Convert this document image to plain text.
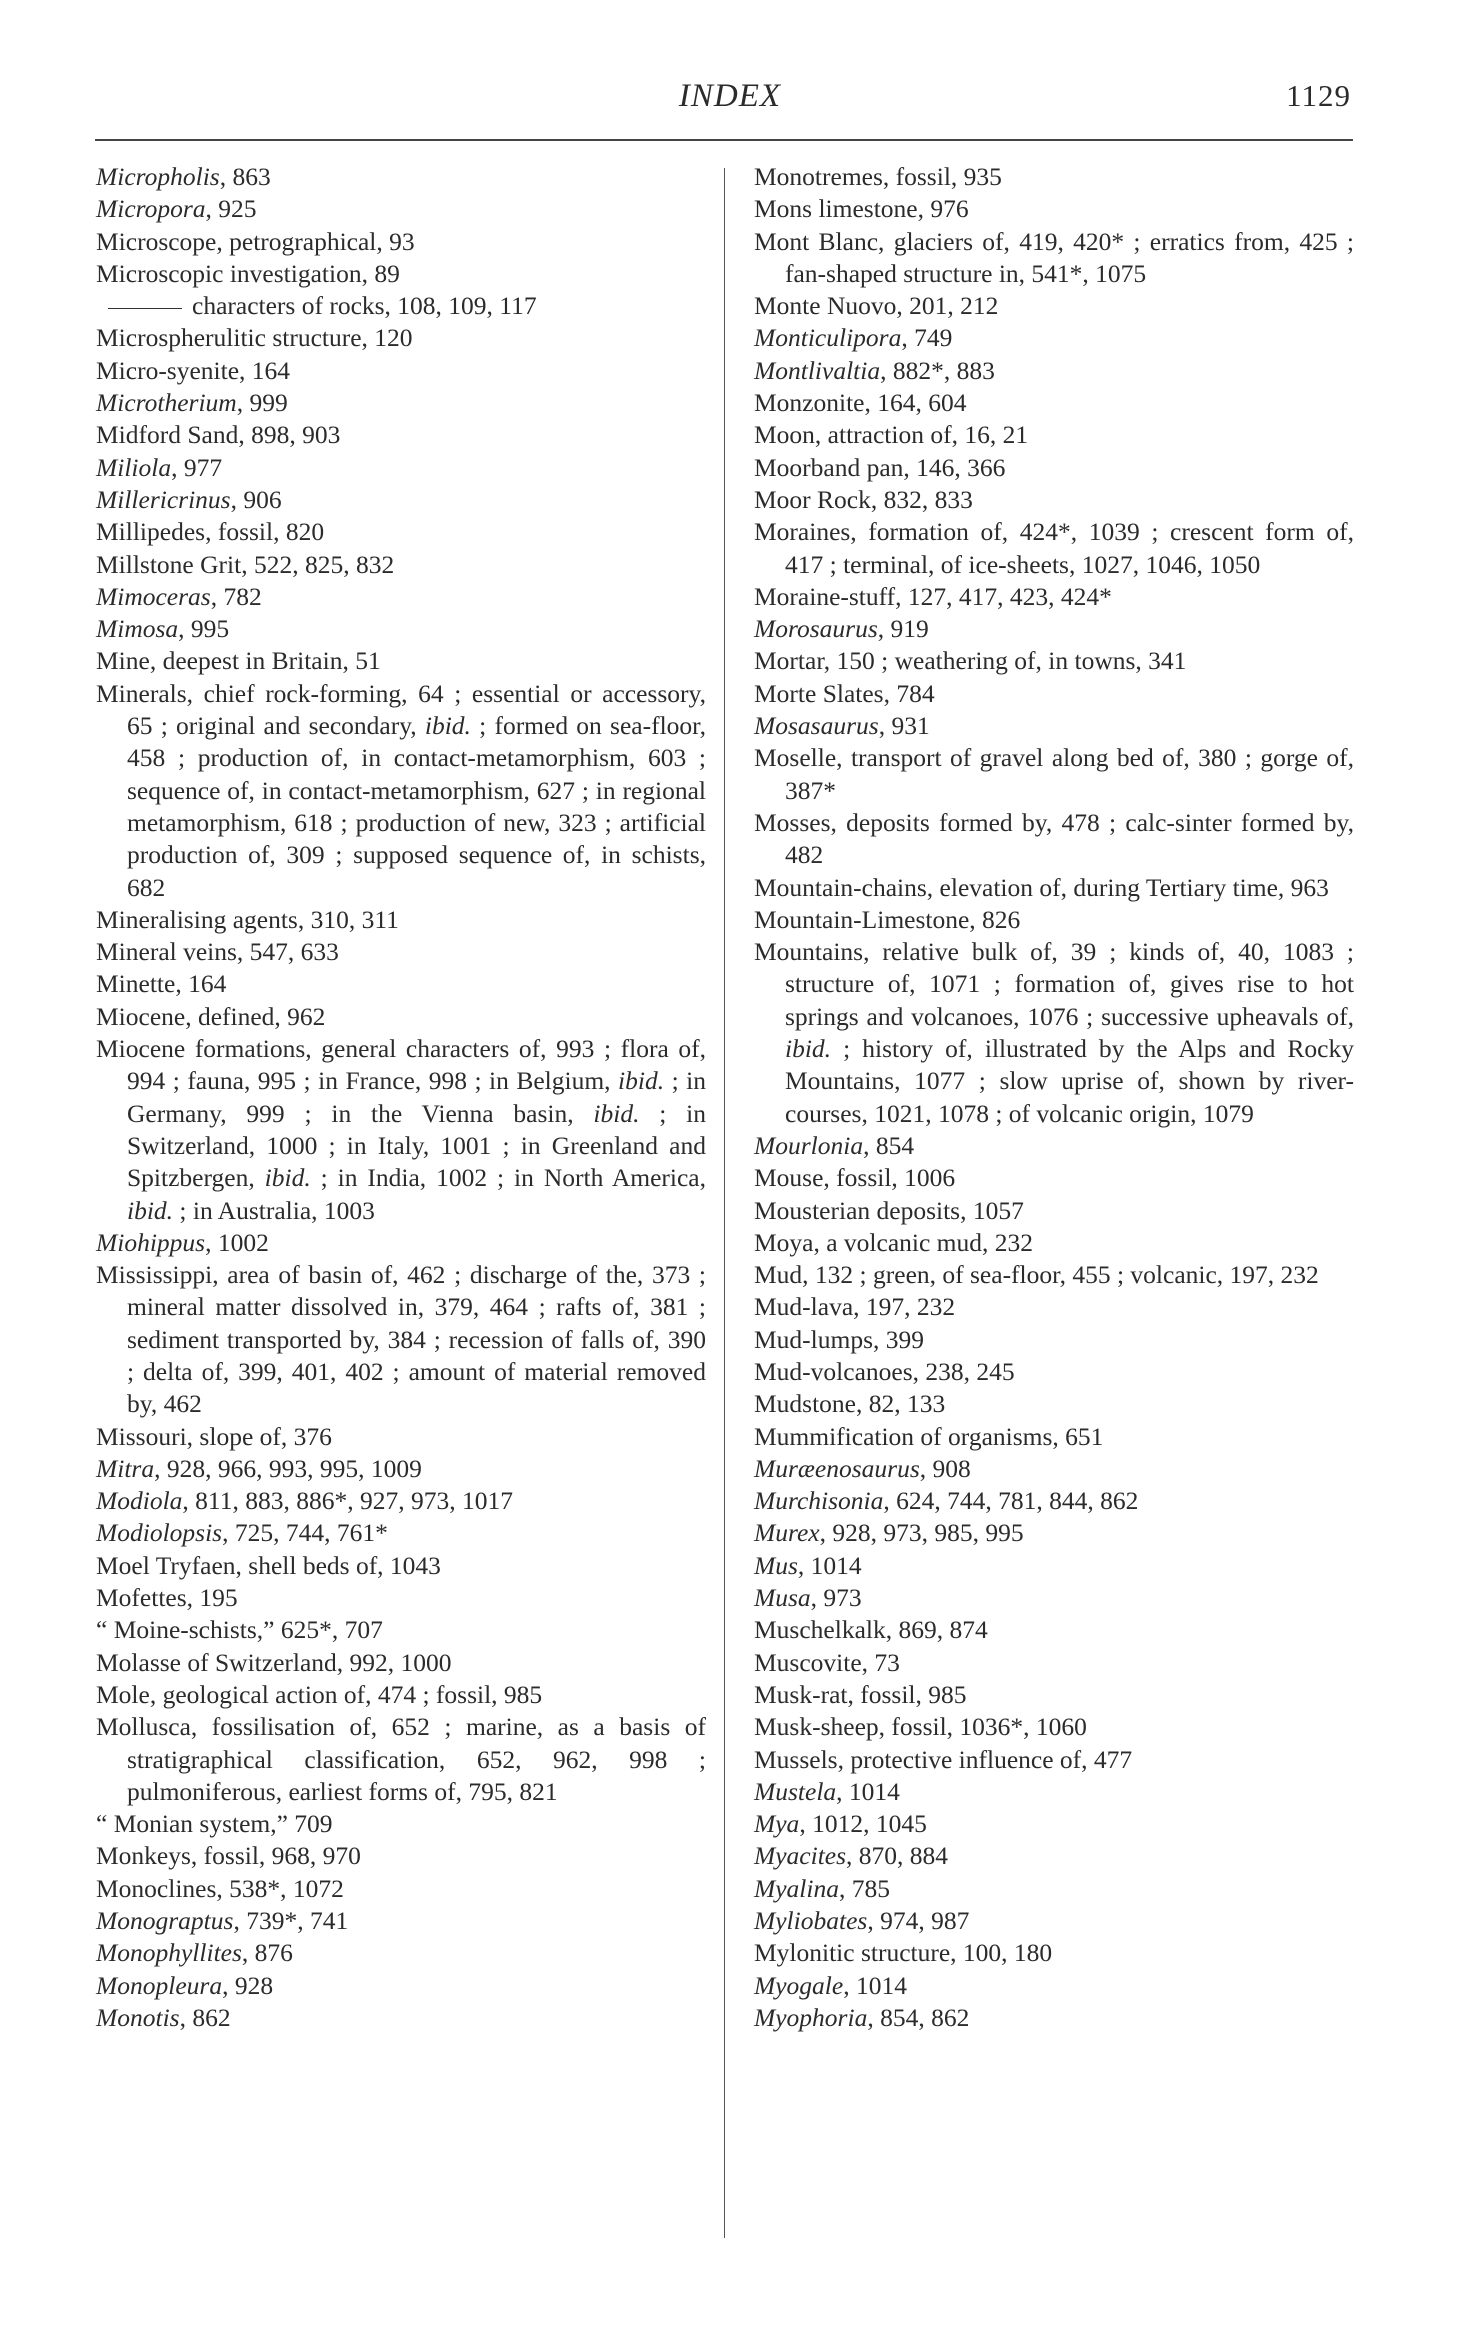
INDEX	1129

Micropholis, 863

Micropora, 925

Microscope, petrographical, 93

Microscopic investigation, 89

characters of rocks, 108, 109, 117

Microspherulitic structure, 120

Micro-syenite, 164

Microtherium, 999

Midford Sand, 898, 903

Miliola, 977

Millericrinus, 906

Millipedes, fossil, 820

Millstone Grit, 522, 825, 832

Mimoceras, 782

Mimosa, 995

Mine, deepest in Britain, 51

Minerals, chief rock-forming, 64 ; essential or accessory, 65 ; original and secondary, ibid. ; formed on sea-floor, 458 ; production of, in contact-metamorphism, 603 ; sequence of, in contact-metamorphism, 627 ; in regional metamorphism, 618 ; production of new, 323 ; artificial production of, 309 ; supposed sequence of, in schists, 682

Mineralising agents, 310, 311

Mineral veins, 547, 633

Minette, 164

Miocene, defined, 962

Miocene formations, general characters of, 993 ; flora of, 994 ; fauna, 995 ; in France, 998 ; in Belgium, ibid. ; in Germany, 999 ; in the Vienna basin, ibid. ; in Switzerland, 1000 ; in Italy, 1001 ; in Greenland and Spitzbergen, ibid. ; in India, 1002 ; in North America, ibid. ; in Australia, 1003

Miohippus, 1002

Mississippi, area of basin of, 462 ; discharge of the, 373 ; mineral matter dissolved in, 379, 464 ; rafts of, 381 ; sediment transported by, 384 ; recession of falls of, 390 ; delta of, 399, 401, 402 ; amount of material removed by, 462

Missouri, slope of, 376

Mitra, 928, 966, 993, 995, 1009

Modiola, 811, 883, 886*, 927, 973, 1017

Modiolopsis, 725, 744, 761*

Moel Tryfaen, shell beds of, 1043

Mofettes, 195

“ Moine-schists,” 625*, 707

Molasse of Switzerland, 992, 1000

Mole, geological action of, 474 ; fossil, 985

Mollusca, fossilisation of, 652 ; marine, as a basis of stratigraphical classification, 652, 962, 998 ; pulmoniferous, earliest forms of, 795, 821

“ Monian system,” 709

Monkeys, fossil, 968, 970

Monoclines, 538*, 1072

Monograptus, 739*, 741

Monophyllites, 876

Monopleura, 928

Monotis, 862

Monotremes, fossil, 935

Mons limestone, 976

Mont Blanc, glaciers of, 419, 420* ; erratics from, 425 ; fan-shaped structure in, 541*, 1075

Monte Nuovo, 201, 212

Monticulipora, 749

Montlivaltia, 882*, 883

Monzonite, 164, 604

Moon, attraction of, 16, 21

Moorband pan, 146, 366

Moor Rock, 832, 833

Moraines, formation of, 424*, 1039 ; crescent form of, 417 ; terminal, of ice-sheets, 1027, 1046, 1050

Moraine-stuff, 127, 417, 423, 424*

Morosaurus, 919

Mortar, 150 ; weathering of, in towns, 341

Morte Slates, 784

Mosasaurus, 931

Moselle, transport of gravel along bed of, 380 ; gorge of, 387*

Mosses, deposits formed by, 478 ; calc-sinter formed by, 482

Mountain-chains, elevation of, during Tertiary time, 963

Mountain-Limestone, 826

Mountains, relative bulk of, 39 ; kinds of, 40, 1083 ; structure of, 1071 ; formation of, gives rise to hot springs and volcanoes, 1076 ; successive upheavals of, ibid. ; history of, illustrated by the Alps and Rocky Mountains, 1077 ; slow uprise of, shown by river-courses, 1021, 1078 ; of volcanic origin, 1079

Mourlonia, 854

Mouse, fossil, 1006

Mousterian deposits, 1057

Moya, a volcanic mud, 232

Mud, 132 ; green, of sea-floor, 455 ; volcanic, 197, 232

Mud-lava, 197, 232

Mud-lumps, 399

Mud-volcanoes, 238, 245

Mudstone, 82, 133

Mummification of organisms, 651

Muræenosaurus, 908

Murchisonia, 624, 744, 781, 844, 862

Murex, 928, 973, 985, 995

Mus, 1014

Musa, 973

Muschelkalk, 869, 874

Muscovite, 73

Musk-rat, fossil, 985

Musk-sheep, fossil, 1036*, 1060

Mussels, protective influence of, 477

Mustela, 1014

Mya, 1012, 1045

Myacites, 870, 884

Myalina, 785

Myliobates, 974, 987

Mylonitic structure, 100, 180

Myogale, 1014

Myophoria, 854, 862
